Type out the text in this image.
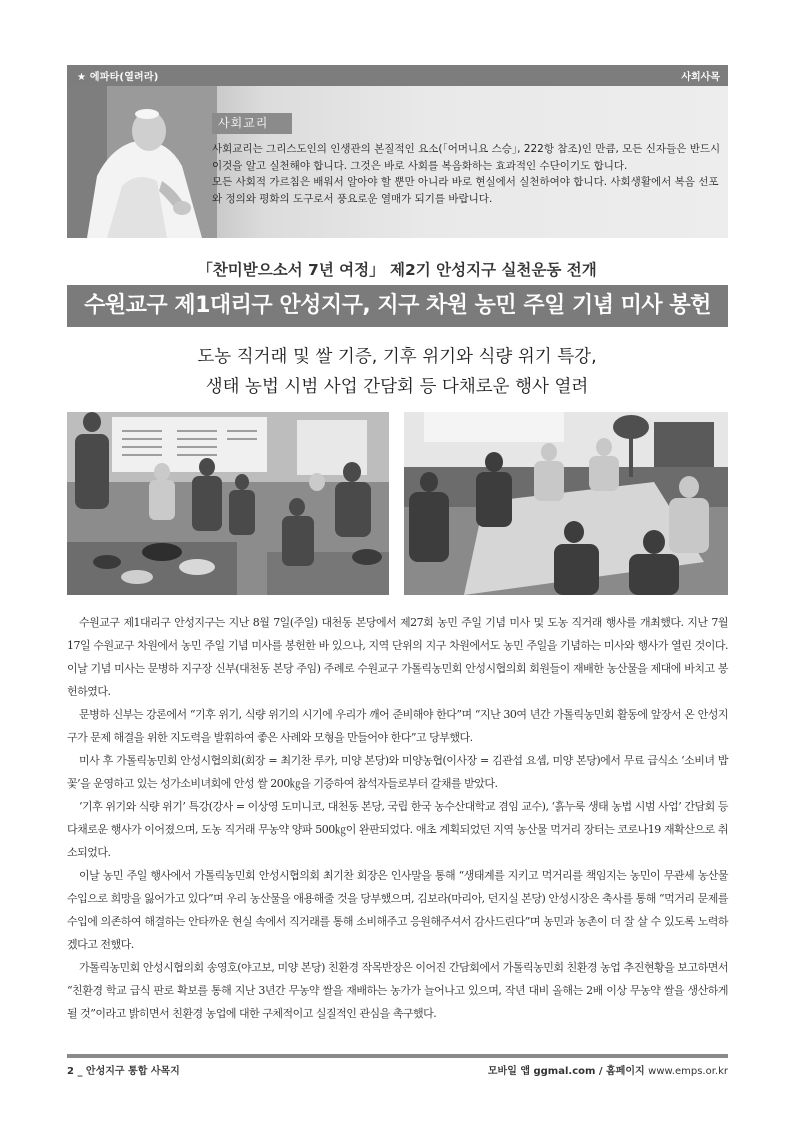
★ 에파타(열려라)	사회사목
사회교리

사회교리는 그리스도인의 인생관의 본질적인 요소(｢어머니요 스승｣, 222항 참조)인 만큼, 모든 신자들은 반드시 이것을 알고 실천해야 합니다. 그것은 바로 사회를 복음화하는 효과적인 수단이기도 합니다.

모든 사회적 가르침은 배워서 알아야 할 뿐만 아니라 바로 현실에서 실천하여야 합니다. 사회생활에서 복음 선포와 정의와 평화의 도구로서 풍요로운 열매가 되기를 바랍니다.

「찬미받으소서 7년 여정」 제2기 안성지구 실천운동 전개
수원교구 제1대리구 안성지구, 지구 차원 농민 주일 기념 미사 봉헌
도농 직거래 및 쌀 기증, 기후 위기와 식량 위기 특강,
생태 농법 시범 사업 간담회 등 다채로운 행사 열려

수원교구 제1대리구 안성지구는 지난 8월 7일(주일) 대천동 본당에서 제27회 농민 주일 기념 미사 및 도농 직거래 행사를 개최했다. 지난 7월 17일 수원교구 차원에서 농민 주일 기념 미사를 봉헌한 바 있으나, 지역 단위의 지구 차원에서도 농민 주일을 기념하는 미사와 행사가 열린 것이다. 이날 기념 미사는 문병하 지구장 신부(대천동 본당 주임) 주례로 수원교구 가톨릭농민회 안성시협의회 회원들이 재배한 농산물을 제대에 바치고 봉헌하였다.

문병하 신부는 강론에서 “기후 위기, 식량 위기의 시기에 우리가 깨어 준비해야 한다”며 “지난 30여 년간 가톨릭농민회 활동에 앞장서 온 안성지구가 문제 해결을 위한 지도력을 발휘하여 좋은 사례와 모형을 만들어야 한다”고 당부했다.

미사 후 가톨릭농민회 안성시협의회(회장 = 최기찬 루카, 미양 본당)와 미양농협(이사장 = 김관섭 요셉, 미양 본당)에서 무료 급식소 ‘소비녀 밥꽃’을 운영하고 있는 성가소비녀회에 안성 쌀 200㎏을 기증하여 참석자들로부터 갈채를 받았다.

‘기후 위기와 식량 위기’ 특강(강사 = 이상영 도미니코, 대천동 본당, 국립 한국 농수산대학교 겸임 교수), ‘흙누룩 생태 농법 시범 사업’ 간담회 등 다채로운 행사가 이어졌으며, 도농 직거래 무농약 양파 500㎏이 완판되었다. 애초 계획되었던 지역 농산물 먹거리 장터는 코로나19 재확산으로 취소되었다.

이날 농민 주일 행사에서 가톨릭농민회 안성시협의회 최기찬 회장은 인사말을 통해 “생태계를 지키고 먹거리를 책임지는 농민이 무관세 농산물 수입으로 희망을 잃어가고 있다”며 우리 농산물을 애용해줄 것을 당부했으며, 김보라(마리아, 던지실 본당) 안성시장은 축사를 통해 “먹거리 문제를 수입에 의존하여 해결하는 안타까운 현실 속에서 직거래를 통해 소비해주고 응원해주셔서 감사드린다”며 농민과 농촌이 더 잘 살 수 있도록 노력하겠다고 전했다.

가톨릭농민회 안성시협의회 송영호(야고보, 미양 본당) 친환경 작목반장은 이어진 간담회에서 가톨릭농민회 친환경 농업 추진현황을 보고하면서 “친환경 학교 급식 판로 확보를 통해 지난 3년간 무농약 쌀을 재배하는 농가가 늘어나고 있으며, 작년 대비 올해는 2배 이상 무농약 쌀을 생산하게 될 것”이라고 밝히면서 친환경 농업에 대한 구체적이고 실질적인 관심을 촉구했다.

2 _ 안성지구 통합 사목지	모바일 앱 ggmal.com / 홈페이지 www.emps.or.kr
